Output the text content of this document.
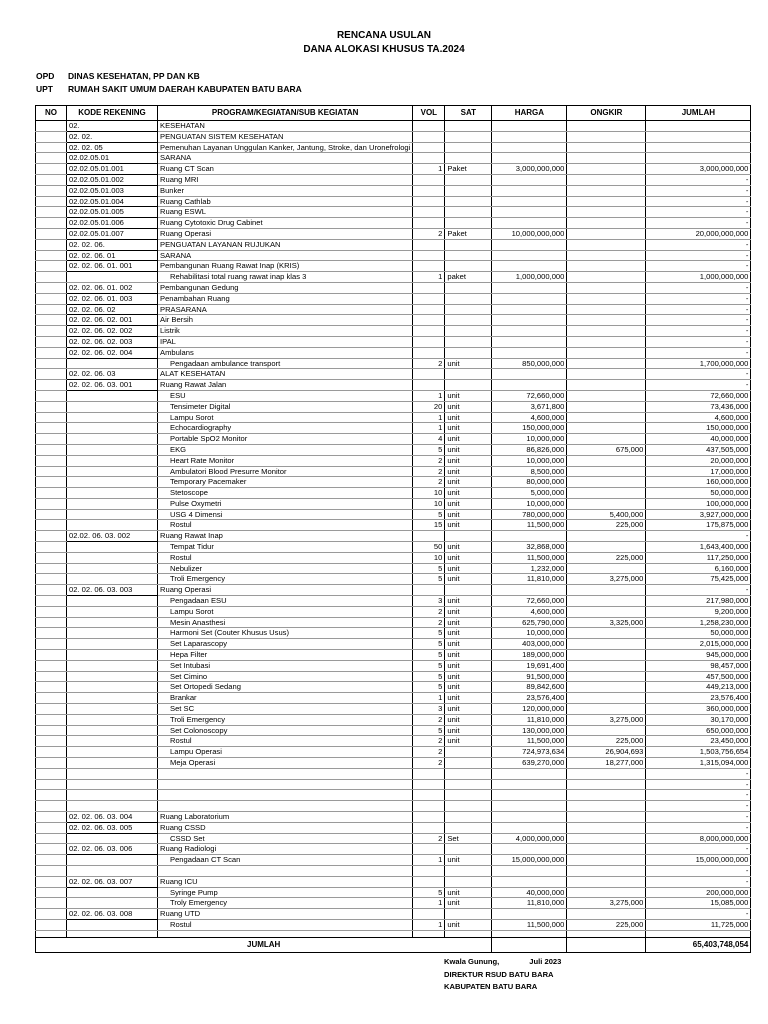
RENCANA USULAN
DANA ALOKASI KHUSUS TA.2024
OPD DINAS KESEHATAN, PP DAN KB
UPT RUMAH SAKIT UMUM DAERAH KABUPATEN BATU BARA
NO	KODE REKENING	PROGRAM/KEGIATAN/SUB KEGIATAN	VOL	SAT	HARGA	ONGKIR	JUMLAH
	02.	KESEHATAN					
	02. 02.	PENGUATAN SISTEM KESEHATAN					
	02. 02. 05	Pemenuhan Layanan Unggulan Kanker, Jantung, Stroke, dan Uronefrologi					
	02.02.05.01	SARANA					
	02.02.05.01.001	Ruang CT Scan	1	Paket	3,000,000,000		3,000,000,000
	02.02.05.01.002	Ruang MRI					-
	02.02.05.01.003	Bunker					-
	02.02.05.01.004	Ruang Cathlab					-
	02.02.05.01.005	Ruang ESWL					-
	02.02.05.01.006	Ruang Cytotoxic Drug Cabinet					-
	02.02.05.01.007	Ruang Operasi	2	Paket	10,000,000,000		20,000,000,000
	02. 02. 06.	PENGUATAN LAYANAN RUJUKAN					-
	02. 02. 06. 01	SARANA					-
	02. 02. 06. 01. 001	Pembangunan Ruang Rawat Inap (KRIS)					-
		Rehabilitasi total ruang rawat inap klas 3	1	paket	1,000,000,000		1,000,000,000
	02. 02. 06. 01. 002	Pembangunan Gedung					-
	02. 02. 06. 01. 003	Penambahan Ruang					-
	02. 02. 06. 02	PRASARANA					-
	02. 02. 06. 02. 001	Air Bersih					-
	02. 02. 06. 02. 002	Listrik					-
	02. 02. 06. 02. 003	IPAL					-
	02. 02. 06. 02. 004	Ambulans					-
		Pengadaan ambulance transport	2	unit	850,000,000		1,700,000,000
	02. 02. 06. 03	ALAT KESEHATAN					-
	02. 02. 06. 03. 001	Ruang Rawat Jalan					-
		ESU	1	unit	72,660,000		72,660,000
		Tensimeter Digital	20	unit	3,671,800		73,436,000
		Lampu Sorot	1	unit	4,600,000		4,600,000
		Echocardiography	1	unit	150,000,000		150,000,000
		Portable SpO2 Monitor	4	unit	10,000,000		40,000,000
		EKG	5	unit	86,826,000	675,000	437,505,000
		Heart Rate Monitor	2	unit	10,000,000		20,000,000
		Ambulatori Blood Presurre Monitor	2	unit	8,500,000		17,000,000
		Temporary Pacemaker	2	unit	80,000,000		160,000,000
		Stetoscope	10	unit	5,000,000		50,000,000
		Pulse Oxymetri	10	unit	10,000,000		100,000,000
		USG 4 Dimensi	5	unit	780,000,000	5,400,000	3,927,000,000
		Rostul	15	unit	11,500,000	225,000	175,875,000
	02.02. 06. 03. 002	Ruang Rawat Inap					-
		Tempat Tidur	50	unit	32,868,000		1,643,400,000
		Rostul	10	unit	11,500,000	225,000	117,250,000
		Nebulizer	5	unit	1,232,000		6,160,000
		Troli Emergency	5	unit	11,810,000	3,275,000	75,425,000
	02. 02. 06. 03. 003	Ruang Operasi					-
		Pengadaan ESU	3	unit	72,660,000		217,980,000
		Lampu Sorot	2	unit	4,600,000		9,200,000
		Mesin Anasthesi	2	unit	625,790,000	3,325,000	1,258,230,000
		Harmoni Set (Couter Khusus Usus)	5	unit	10,000,000		50,000,000
		Set Laparascopy	5	unit	403,000,000		2,015,000,000
		Hepa Filter	5	unit	189,000,000		945,000,000
		Set Intubasi	5	unit	19,691,400		98,457,000
		Set Cimino	5	unit	91,500,000		457,500,000
		Set Ortopedi Sedang	5	unit	89,842,600		449,213,000
		Brankar	1	unit	23,576,400		23,576,400
		Set SC	3	unit	120,000,000		360,000,000
		Troli Emergency	2	unit	11,810,000	3,275,000	30,170,000
		Set Colonoscopy	5	unit	130,000,000		650,000,000
		Rostul	2	unit	11,500,000	225,000	23,450,000
		Lampu Operasi	2		724,973,634	26,904,693	1,503,756,654
		Meja Operasi	2		639,270,000	18,277,000	1,315,094,000
							-
							-
							-
							-
	02. 02. 06. 03. 004	Ruang Laboratorium					-
	02. 02. 06. 03. 005	Ruang CSSD					-
		CSSD Set	2	Set	4,000,000,000		8,000,000,000
	02. 02. 06. 03. 006	Ruang Radiologi					-
		Pengadaan CT Scan	1	unit	15,000,000,000		15,000,000,000
							-
	02. 02. 06. 03. 007	Ruang ICU					-
		Syringe Pump	5	unit	40,000,000		200,000,000
		Troly Emergency	1	unit	11,810,000	3,275,000	15,085,000
	02. 02. 06. 03. 008	Ruang UTD					-
		Rostul	1	unit	11,500,000	225,000	11,725,000

JUMLAH							65,403,748,054
Kwala Gunung,	Juli 2023
DIREKTUR RSUD BATU BARA
KABUPATEN BATU BARA
